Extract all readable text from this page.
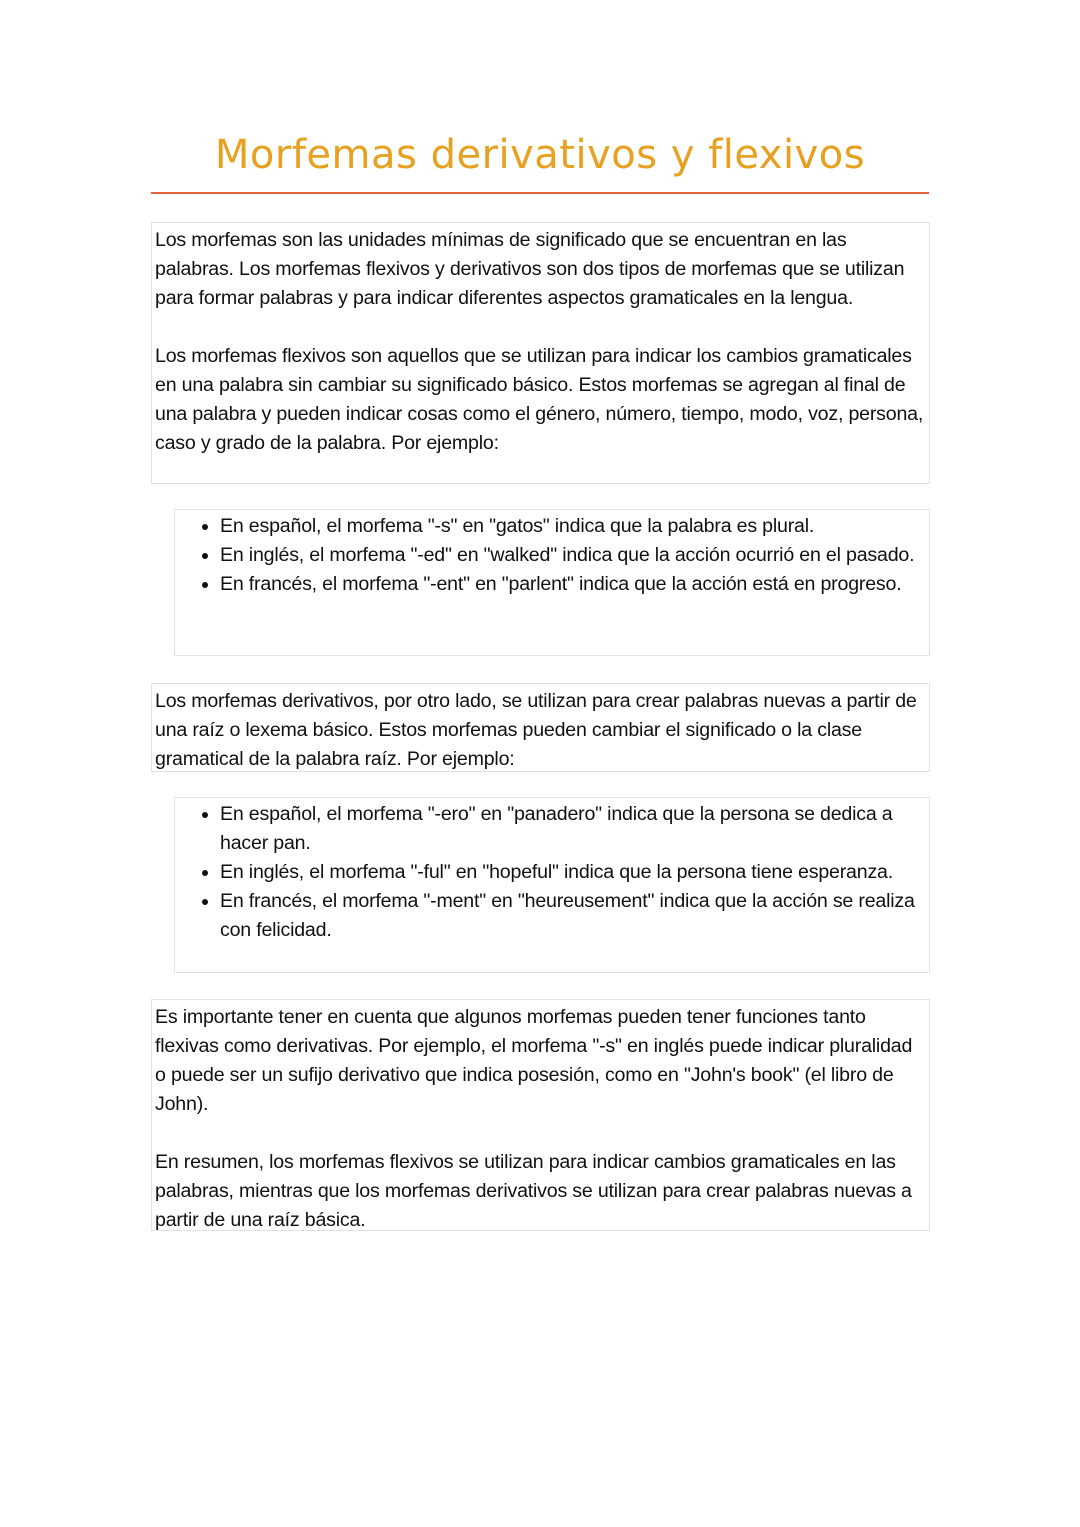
Morfemas derivativos y flexivos

Los morfemas son las unidades mínimas de significado que se encuentran en las palabras. Los morfemas flexivos y derivativos son dos tipos de morfemas que se utilizan para formar palabras y para indicar diferentes aspectos gramaticales en la lengua.

Los morfemas flexivos son aquellos que se utilizan para indicar los cambios gramaticales en una palabra sin cambiar su significado básico. Estos morfemas se agregan al final de una palabra y pueden indicar cosas como el género, número, tiempo, modo, voz, persona, caso y grado de la palabra. Por ejemplo:

• En español, el morfema "-s" en "gatos" indica que la palabra es plural.
• En inglés, el morfema "-ed" en "walked" indica que la acción ocurrió en el pasado.
• En francés, el morfema "-ent" en "parlent" indica que la acción está en progreso.

Los morfemas derivativos, por otro lado, se utilizan para crear palabras nuevas a partir de una raíz o lexema básico. Estos morfemas pueden cambiar el significado o la clase gramatical de la palabra raíz. Por ejemplo:

• En español, el morfema "-ero" en "panadero" indica que la persona se dedica a hacer pan.
• En inglés, el morfema "-ful" en "hopeful" indica que la persona tiene esperanza.
• En francés, el morfema "-ment" en "heureusement" indica que la acción se realiza con felicidad.

Es importante tener en cuenta que algunos morfemas pueden tener funciones tanto flexivas como derivativas. Por ejemplo, el morfema "-s" en inglés puede indicar pluralidad o puede ser un sufijo derivativo que indica posesión, como en "John's book" (el libro de John).

En resumen, los morfemas flexivos se utilizan para indicar cambios gramaticales en las palabras, mientras que los morfemas derivativos se utilizan para crear palabras nuevas a partir de una raíz básica.
